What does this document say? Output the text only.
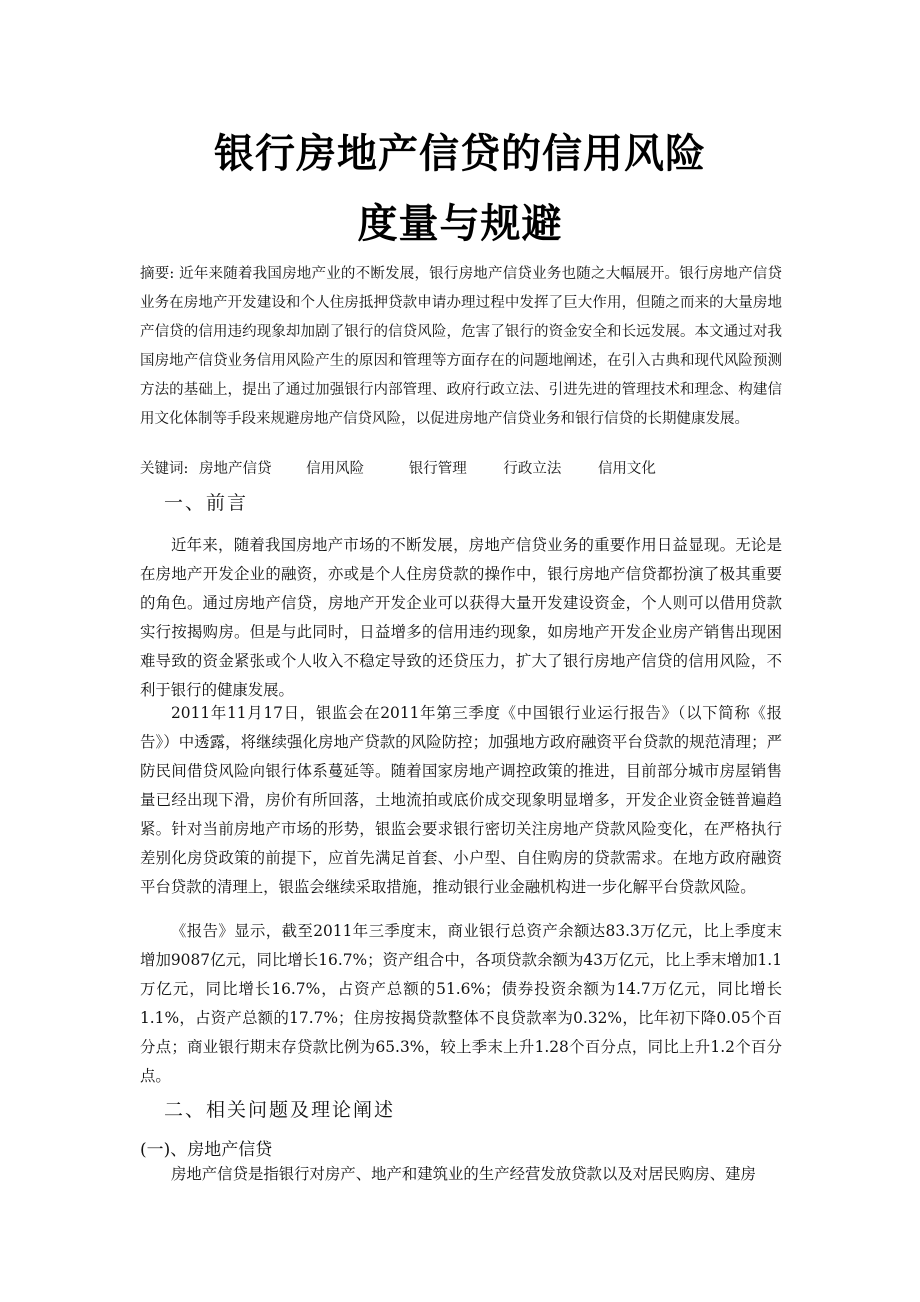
银行房地产信贷的信用风险
度量与规避
摘要: 近年来随着我国房地产业的不断发展，银行房地产信贷业务也随之大幅展开。银行房地产信贷业务在房地产开发建设和个人住房抵押贷款申请办理过程中发挥了巨大作用，但随之而来的大量房地产信贷的信用违约现象却加剧了银行的信贷风险，危害了银行的资金安全和长远发展。本文通过对我国房地产信贷业务信用风险产生的原因和管理等方面存在的问题地阐述，在引入古典和现代风险预测方法的基础上，提出了通过加强银行内部管理、政府行政立法、引进先进的管理技术和理念、构建信用文化体制等手段来规避房地产信贷风险，以促进房地产信贷业务和银行信贷的长期健康发展。
关键词: 房地产信贷 信用风险	银行管理	行政立法	信用文化
一、前言

近年来，随着我国房地产市场的不断发展，房地产信贷业务的重要作用日益显现。无论是在房地产开发企业的融资，亦或是个人住房贷款的操作中，银行房地产信贷都扮演了极其重要的角色。通过房地产信贷，房地产开发企业可以获得大量开发建设资金，个人则可以借用贷款实行按揭购房。但是与此同时，日益增多的信用违约现象，如房地产开发企业房产销售出现困难导致的资金紧张或个人收入不稳定导致的还贷压力，扩大了银行房地产信贷的信用风险，不利于银行的健康发展。

2011年11月17日，银监会在2011年第三季度《中国银行业运行报告》（以下简称《报告》）中透露，将继续强化房地产贷款的风险防控；加强地方政府融资平台贷款的规范清理；严防民间借贷风险向银行体系蔓延等。随着国家房地产调控政策的推进，目前部分城市房屋销售量已经出现下滑，房价有所回落，土地流拍或底价成交现象明显增多，开发企业资金链普遍趋紧。针对当前房地产市场的形势，银监会要求银行密切关注房地产贷款风险变化，在严格执行差别化房贷政策的前提下，应首先满足首套、小户型、自住购房的贷款需求。在地方政府融资平台贷款的清理上，银监会继续采取措施，推动银行业金融机构进一步化解平台贷款风险。

《报告》显示，截至2011年三季度末，商业银行总资产余额达83.3万亿元，比上季度末增加9087亿元，同比增长16.7%；资产组合中，各项贷款余额为43万亿元，比上季末增加1.1万亿元，同比增长16.7%，占资产总额的51.6%；债券投资余额为14.7万亿元，同比增长1.1%，占资产总额的17.7%；住房按揭贷款整体不良贷款率为0.32%，比年初下降0.05个百分点；商业银行期末存贷款比例为65.3%，较上季末上升1.28个百分点，同比上升1.2个百分点。

二、相关问题及理论阐述
(一)、房地产信贷

房地产信贷是指银行对房产、地产和建筑业的生产经营发放贷款以及对居民购房、建房
